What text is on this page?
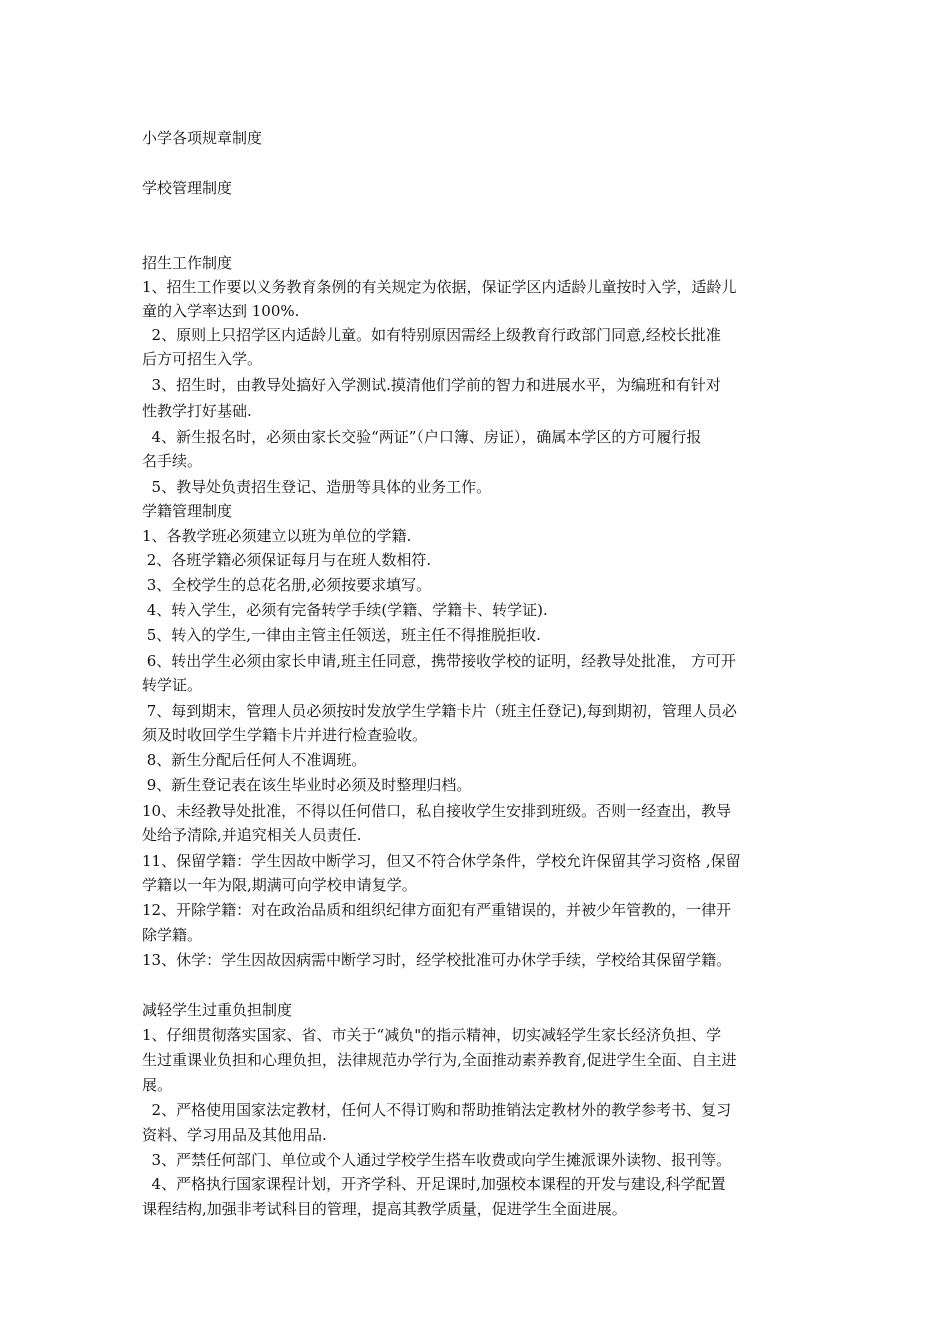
小学各项规章制度
学校管理制度
招生工作制度
1、招生工作要以义务教育条例的有关规定为依据，保证学区内适龄儿童按时入学，适龄儿
童的入学率达到 100%.
2、原则上只招学区内适龄儿童。如有特别原因需经上级教育行政部门同意,经校长批准
后方可招生入学。
3、招生时，由教导处搞好入学测试.摸清他们学前的智力和进展水平，为编班和有针对
性教学打好基础.
4、新生报名时，必须由家长交验“两证”（户口簿、房证），确属本学区的方可履行报
名手续。
5、教导处负责招生登记、造册等具体的业务工作。
学籍管理制度
1、各教学班必须建立以班为单位的学籍.
2、各班学籍必须保证每月与在班人数相符.
3、全校学生的总花名册,必须按要求填写。
4、转入学生，必须有完备转学手续(学籍、学籍卡、转学证).
5、转入的学生,一律由主管主任领送，班主任不得推脱拒收.
6、转出学生必须由家长申请,班主任同意，携带接收学校的证明，经教导处批准， 方可开
转学证。
7、每到期末，管理人员必须按时发放学生学籍卡片（班主任登记),每到期初，管理人员必
须及时收回学生学籍卡片并进行检查验收。
8、新生分配后任何人不准调班。
9、新生登记表在该生毕业时必须及时整理归档。
10、未经教导处批准，不得以任何借口，私自接收学生安排到班级。否则一经查出，教导
处给予清除,并追究相关人员责任.
11、保留学籍：学生因故中断学习，但又不符合休学条件，学校允许保留其学习资格 ,保留
学籍以一年为限,期满可向学校申请复学。
12、开除学籍：对在政治品质和组织纪律方面犯有严重错误的，并被少年管教的，一律开
除学籍。
13、休学：学生因故因病需中断学习时，经学校批准可办休学手续，学校给其保留学籍。
减轻学生过重负担制度
1、仔细贯彻落实国家、省、市关于“减负"的指示精神，切实减轻学生家长经济负担、学
生过重课业负担和心理负担，法律规范办学行为,全面推动素养教育,促进学生全面、自主进
展。
2、严格使用国家法定教材，任何人不得订购和帮助推销法定教材外的教学参考书、复习
资料、学习用品及其他用品.
3、严禁任何部门、单位或个人通过学校学生搭车收费或向学生摊派课外读物、报刊等。
4、严格执行国家课程计划，开齐学科、开足课时,加强校本课程的开发与建设,科学配置
课程结构,加强非考试科目的管理，提高其教学质量，促进学生全面进展。
